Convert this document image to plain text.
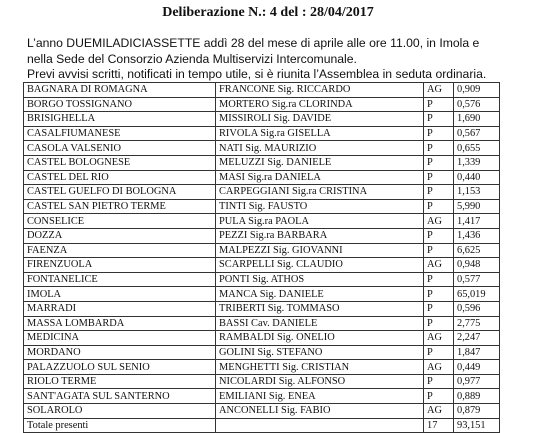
Deliberazione N.: 4 del : 28/04/2017
L’anno DUEMILADICIASSETTE addì 28 del mese di aprile alle ore 11.00, in Imola e
nella Sede del Consorzio Azienda Multiservizi Intercomunale.
Previ avvisi scritti, notificati in tempo utile, si è riunita l’Assemblea in seduta ordinaria.
BAGNARA DI ROMAGNA	FRANCONE Sig. RICCARDO	AG	0,909
BORGO TOSSIGNANO	MORTERO Sig.ra CLORINDA	P	0,576
BRISIGHELLA	MISSIROLI Sig. DAVIDE	P	1,690
CASALFIUMANESE	RIVOLA Sig.ra GISELLA	P	0,567
CASOLA VALSENIO	NATI Sig. MAURIZIO	P	0,655
CASTEL BOLOGNESE	MELUZZI Sig. DANIELE	P	1,339
CASTEL DEL RIO	MASI Sig.ra DANIELA	P	0,440
CASTEL GUELFO DI BOLOGNA	CARPEGGIANI Sig.ra CRISTINA	P	1,153
CASTEL SAN PIETRO TERME	TINTI Sig. FAUSTO	P	5,990
CONSELICE	PULA Sig.ra PAOLA	AG	1,417
DOZZA	PEZZI Sig.ra BARBARA	P	1,436
FAENZA	MALPEZZI Sig. GIOVANNI	P	6,625
FIRENZUOLA	SCARPELLI Sig. CLAUDIO	AG	0,948
FONTANELICE	PONTI Sig. ATHOS	P	0,577
IMOLA	MANCA Sig. DANIELE	P	65,019
MARRADI	TRIBERTI Sig. TOMMASO	P	0,596
MASSA LOMBARDA	BASSI Cav. DANIELE	P	2,775
MEDICINA	RAMBALDI Sig. ONELIO	AG	2,247
MORDANO	GOLINI Sig. STEFANO	P	1,847
PALAZZUOLO SUL SENIO	MENGHETTI Sig. CRISTIAN	AG	0,449
RIOLO TERME	NICOLARDI Sig. ALFONSO	P	0,977
SANT'AGATA SUL SANTERNO	EMILIANI Sig. ENEA	P	0,889
SOLAROLO	ANCONELLI Sig. FABIO	AG	0,879
Totale presenti		17	93,151
